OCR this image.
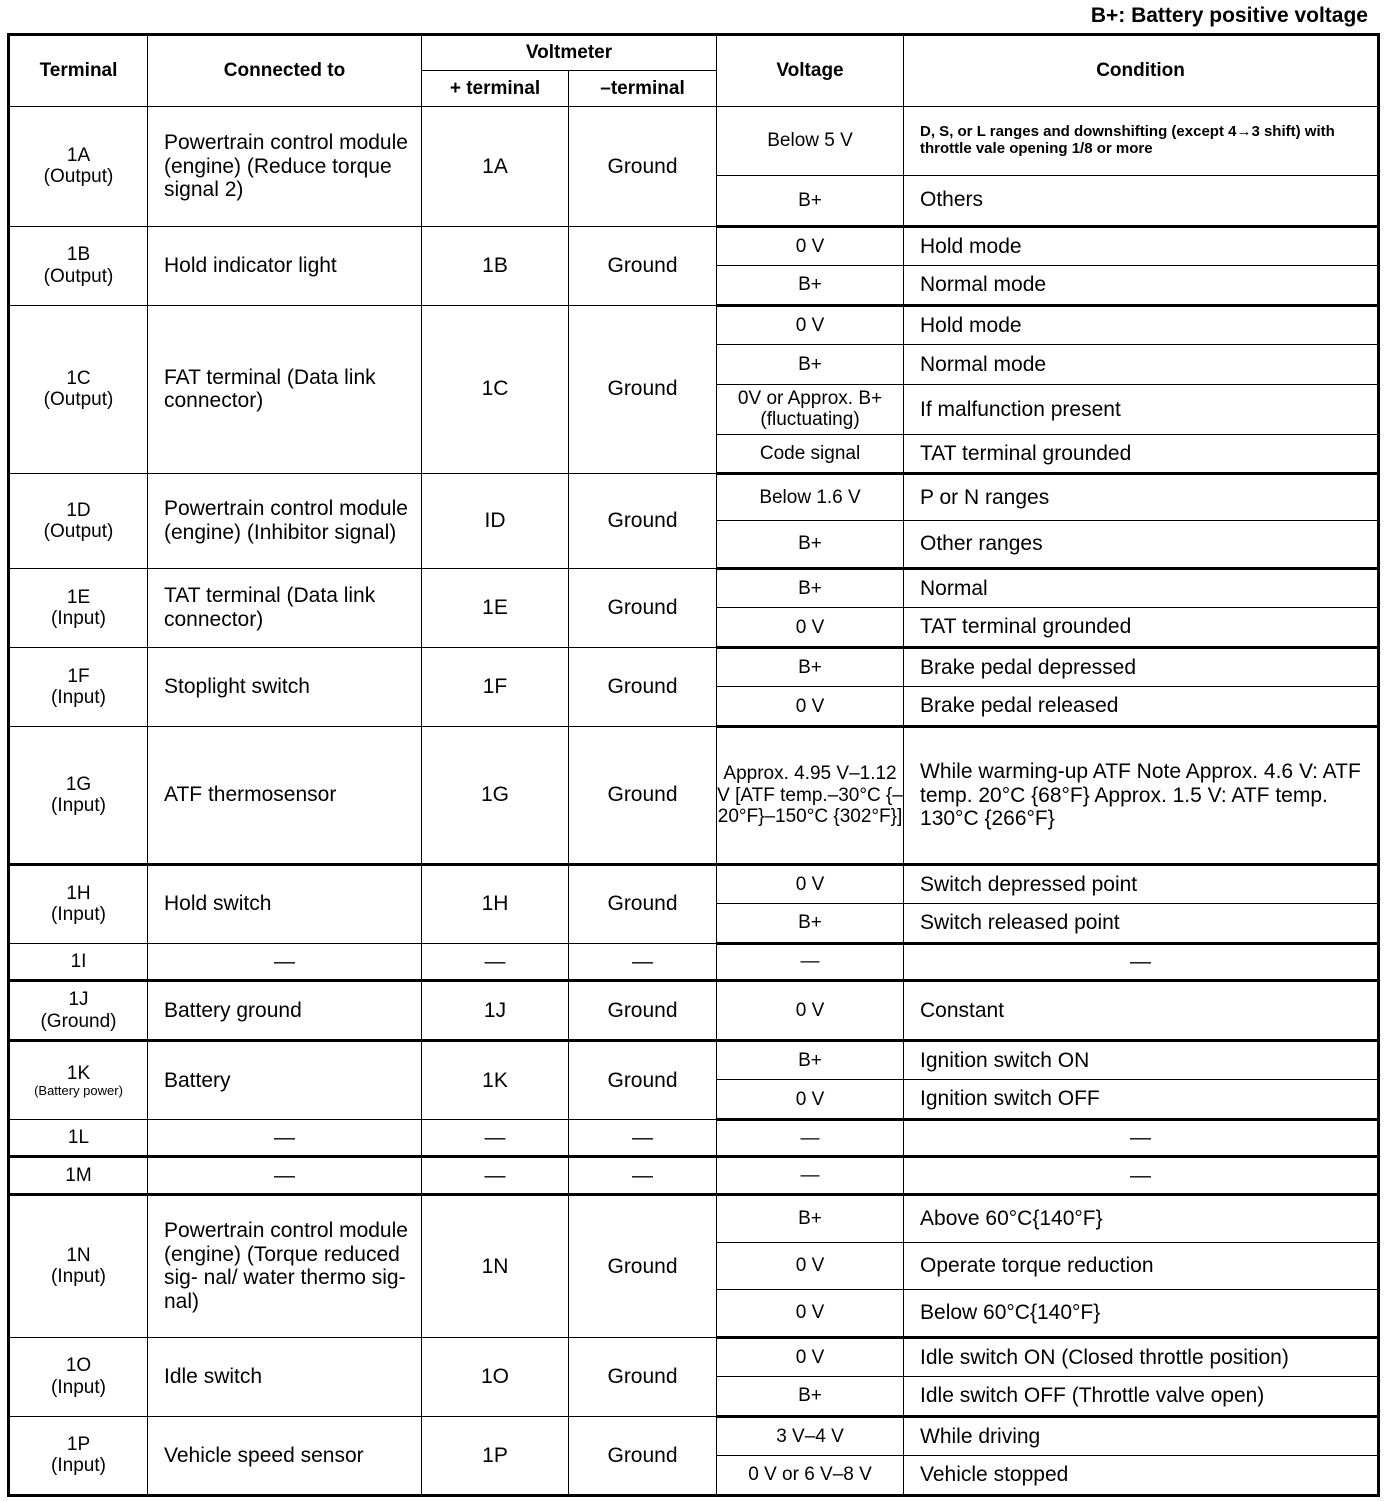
B+: Battery positive voltage
Terminal	Connected to	Voltmeter		Voltage	Condition
		+ terminal	–terminal		

1A
(Output)	Powertrain control module (engine) (Reduce torque signal 2)	1A	Ground	Below 5 V	D, S, or L ranges and downshifting (except 4→3 shift) with throttle vale opening 1/8 or more
				B+	Others

1B
(Output)	Hold indicator light	1B	Ground	0 V	Hold mode
				B+	Normal mode

1C
(Output)	FAT terminal (Data link connector)	1C	Ground	0 V	Hold mode
				B+	Normal mode
				0V or Approx. B+ (fluctuating)	If malfunction present
				Code signal	TAT terminal grounded

1D
(Output)	Powertrain control module (engine) (Inhibitor signal)	ID	Ground	Below 1.6 V	P or N ranges
				B+	Other ranges

1E
(Input)	TAT terminal (Data link connector)	1E	Ground	B+	Normal
				0 V	TAT terminal grounded

1F
(Input)	Stoplight switch	1F	Ground	B+	Brake pedal depressed
				0 V	Brake pedal released

1G
(Input)	ATF thermosensor	1G	Ground	Approx. 4.95 V–1.12 V [ATF temp.–30°C {–20°F}–150°C {302°F}]	While warming-up ATF Note Approx. 4.6 V: ATF temp. 20°C {68°F} Approx. 1.5 V: ATF temp. 130°C {266°F}

1H
(Input)	Hold switch	1H	Ground	0 V	Switch depressed point
				B+	Switch released point

1I	—	—	—	—	—

1J
(Ground)	Battery ground	1J	Ground	0 V	Constant

1K
(Battery power)	Battery	1K	Ground	B+	Ignition switch ON
				0 V	Ignition switch OFF

1L	—	—	—	—	—

1M	—	—	—	—	—

1N
(Input)	Powertrain control module (engine) (Torque reduced sig- nal/ water thermo sig- nal)	1N	Ground	B+	Above 60°C{140°F}
				0 V	Operate torque reduction
				0 V	Below 60°C{140°F}

1O
(Input)	Idle switch	1O	Ground	0 V	Idle switch ON (Closed throttle position)
				B+	Idle switch OFF (Throttle valve open)

1P
(Input)	Vehicle speed sensor	1P	Ground	3 V–4 V	While driving
				0 V or 6 V–8 V	Vehicle stopped
